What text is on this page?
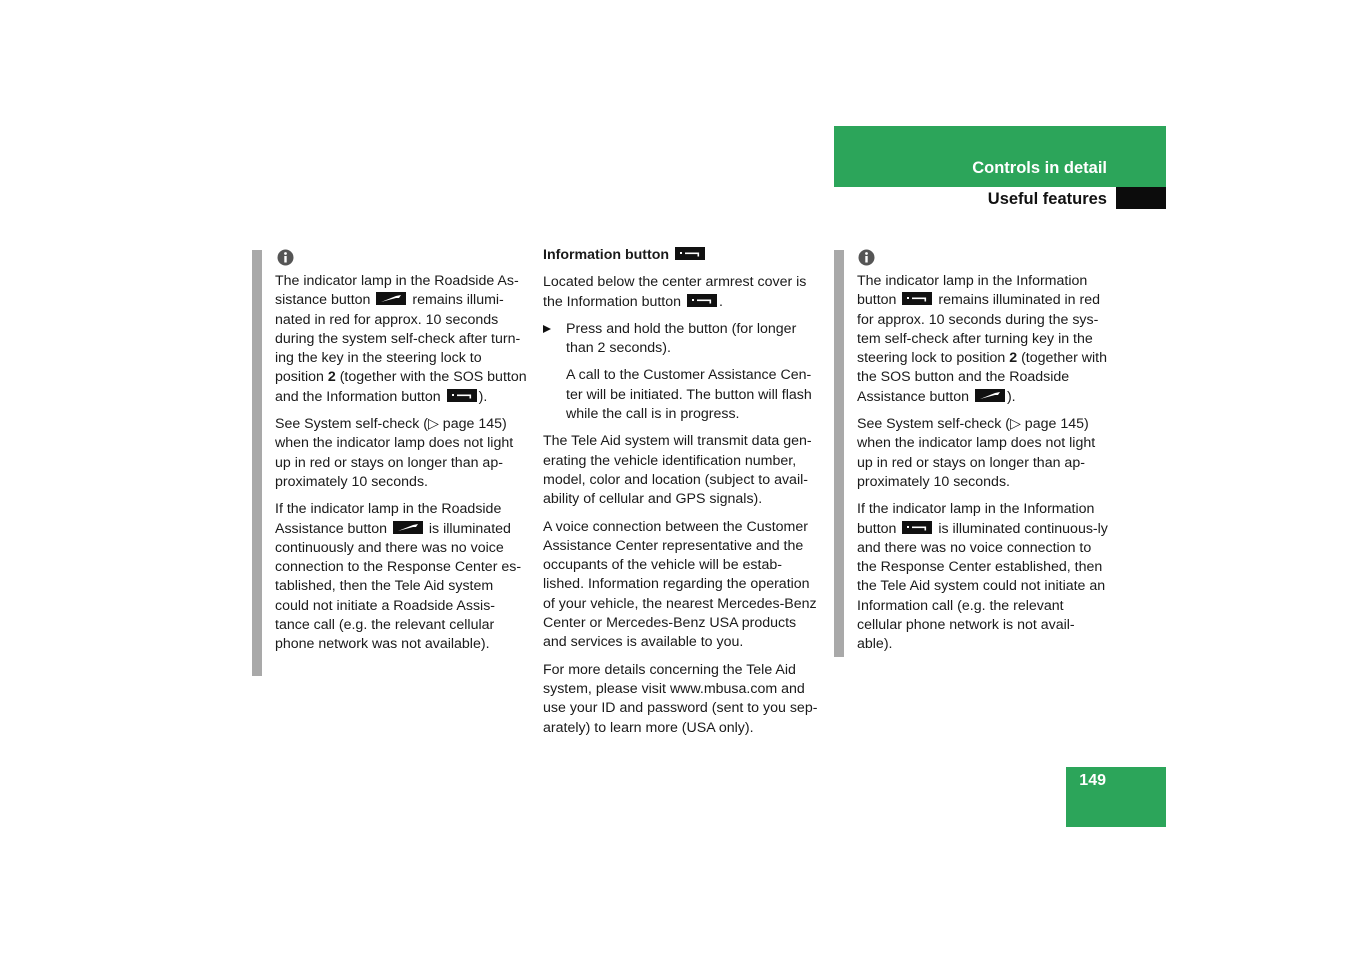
Controls in detail
Useful features

The indicator lamp in the Roadside As-sistance button	remains illumi-nated in red for approx. 10 seconds during the system self-check after turn-ing the key in the steering lock to position 2 (together with the SOS button and the Information button	).

See System self-check (▷ page 145) when the indicator lamp does not light up in red or stays on longer than ap-proximately 10 seconds.

If the indicator lamp in the Roadside Assistance button	is illuminated continuously and there was no voice connection to the Response Center es-tablished, then the Tele Aid system could not initiate a Roadside Assis-tance call (e.g. the relevant cellular phone network was not available).

Information button

Located below the center armrest cover is the Information button	.

Press and hold the button (for longer than 2 seconds).

A call to the Customer Assistance Cen-ter will be initiated. The button will flash while the call is in progress.

The Tele Aid system will transmit data gen-erating the vehicle identification number, model, color and location (subject to avail-ability of cellular and GPS signals).

A voice connection between the Customer Assistance Center representative and the occupants of the vehicle will be estab-lished. Information regarding the operation of your vehicle, the nearest Mercedes-Benz Center or Mercedes-Benz USA products and services is available to you.

For more details concerning the Tele Aid system, please visit www.mbusa.com and use your ID and password (sent to you sep-arately) to learn more (USA only).

The indicator lamp in the Information button	remains illuminated in red for approx. 10 seconds during the sys-tem self-check after turning key in the steering lock to position 2 (together with the SOS button and the Roadside Assistance button	).

See System self-check (▷ page 145) when the indicator lamp does not light up in red or stays on longer than ap-proximately 10 seconds.

If the indicator lamp in the Information button	is illuminated continuous-ly and there was no voice connection to the Response Center established, then the Tele Aid system could not initiate an Information call (e.g. the relevant cellular phone network is not avail-able).

149
